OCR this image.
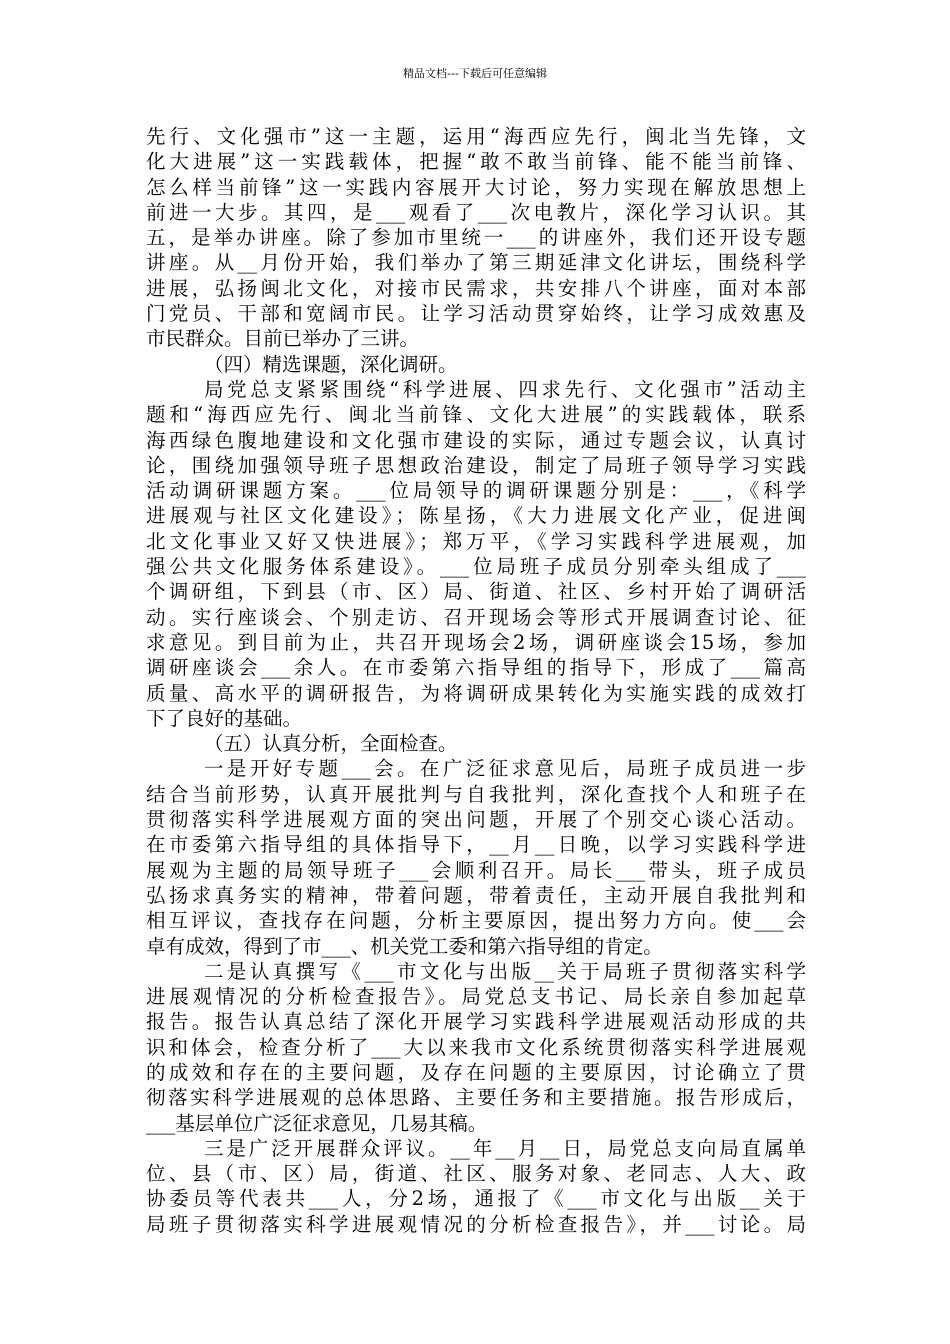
精品文档---下载后可任意编辑
先行、文化强市”这一主题，运用“海西应先行，闽北当先锋，文
化大进展”这一实践载体，把握“敢不敢当前锋、能不能当前锋、
怎么样当前锋”这一实践内容展开大讨论，努力实现在解放思想上
前进一大步。其四，是___观看了___次电教片，深化学习认识。其
五，是举办讲座。除了参加市里统一___的讲座外，我们还开设专题
讲座。从__月份开始，我们举办了第三期延津文化讲坛，围绕科学
进展，弘扬闽北文化，对接市民需求，共安排八个讲座，面对本部
门党员、干部和宽阔市民。让学习活动贯穿始终，让学习成效惠及
市民群众。目前已举办了三讲。
（四）精选课题，深化调研。
局党总支紧紧围绕“科学进展、四求先行、文化强市”活动主
题和“海西应先行、闽北当前锋、文化大进展”的实践载体，联系
海西绿色腹地建设和文化强市建设的实际，通过专题会议，认真讨
论，围绕加强领导班子思想政治建设，制定了局班子领导学习实践
活动调研课题方案。___位局领导的调研课题分别是：___，《科学
进展观与社区文化建设》；陈星扬，《大力进展文化产业，促进闽
北文化事业又好又快进展》；郑万平，《学习实践科学进展观，加
强公共文化服务体系建设》。___位局班子成员分别牵头组成了___
个调研组，下到县（市、区）局、街道、社区、乡村开始了调研活
动。实行座谈会、个别走访、召开现场会等形式开展调查讨论、征
求意见。到目前为止，共召开现场会2场，调研座谈会15场，参加
调研座谈会___余人。在市委第六指导组的指导下，形成了___篇高
质量、高水平的调研报告，为将调研成果转化为实施实践的成效打
下了良好的基础。
（五）认真分析，全面检查。
一是开好专题___会。在广泛征求意见后，局班子成员进一步
结合当前形势，认真开展批判与自我批判，深化查找个人和班子在
贯彻落实科学进展观方面的突出问题，开展了个别交心谈心活动。
在市委第六指导组的具体指导下，__月__日晚，以学习实践科学进
展观为主题的局领导班子___会顺利召开。局长___带头，班子成员
弘扬求真务实的精神，带着问题，带着责任，主动开展自我批判和
相互评议，查找存在问题，分析主要原因，提出努力方向。使___会
卓有成效，得到了市___、机关党工委和第六指导组的肯定。
二是认真撰写《___市文化与出版__关于局班子贯彻落实科学
进展观情况的分析检查报告》。局党总支书记、局长亲自参加起草
报告。报告认真总结了深化开展学习实践科学进展观活动形成的共
识和体会，检查分析了___大以来我市文化系统贯彻落实科学进展观
的成效和存在的主要问题，及存在问题的主要原因，讨论确立了贯
彻落实科学进展观的总体思路、主要任务和主要措施。报告形成后，
___基层单位广泛征求意见，几易其稿。
三是广泛开展群众评议。__年__月__日，局党总支向局直属单
位、县（市、区）局，街道、社区、服务对象、老同志、人大、政
协委员等代表共___人，分2场，通报了《___市文化与出版__关于
局班子贯彻落实科学进展观情况的分析检查报告》，并___讨论。局
